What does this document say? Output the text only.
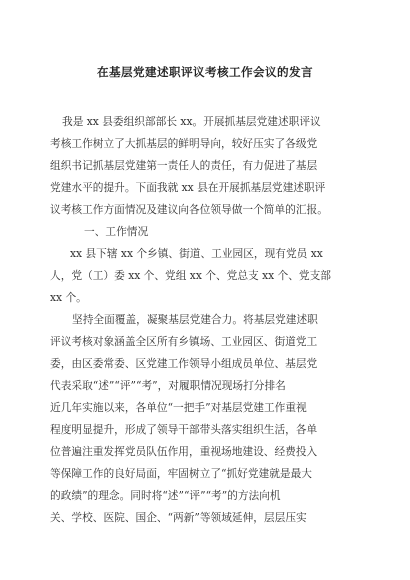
在基层党建述职评议考核工作会议的发言
我是 xx 县委组织部部长 xx。开展抓基层党建述职评议
考核工作树立了大抓基层的鲜明导向，较好压实了各级党
组织书记抓基层党建第一责任人的责任，有力促进了基层
党建水平的提升。下面我就 xx 县在开展抓基层党建述职评
议考核工作方面情况及建议向各位领导做一个简单的汇报。
一、工作情况
xx 县下辖 xx 个乡镇、街道、工业园区，现有党员 xx
人，党（工）委 xx 个、党组 xx 个、党总支 xx 个、党支部
xx 个。
坚持全面覆盖，凝聚基层党建合力。将基层党建述职
评议考核对象涵盖全区所有乡镇场、工业园区、街道党工
委，由区委常委、区党建工作领导小组成员单位、基层党
代表采取“述”“评”“考”，对履职情况现场打分排名
近几年实施以来，各单位“一把手”对基层党建工作重视
程度明显提升，形成了领导干部带头落实组织生活，各单
位普遍注重发挥党员队伍作用，重视场地建设、经费投入
等保障工作的良好局面，牢固树立了“抓好党建就是最大
的政绩”的理念。同时将“述”“评”“考”的方法向机
关、学校、医院、国企、“两新”等领域延伸，层层压实
